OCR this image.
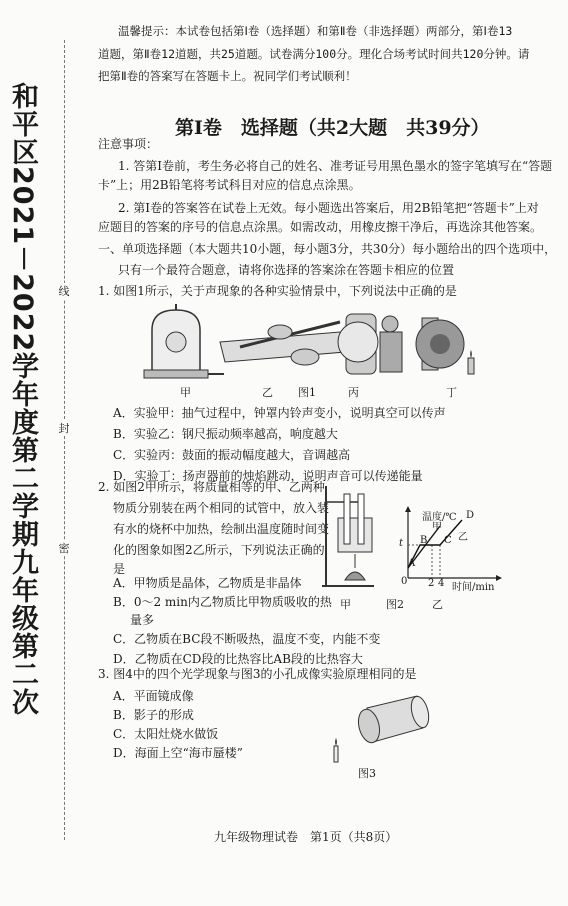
和平区2021－2022学年度第二学期九年级第二次
线
封
密
温馨提示：本试卷包括第Ⅰ卷（选择题）和第Ⅱ卷（非选择题）两部分，第Ⅰ卷13
道题，第Ⅱ卷12道题，共25道题。试卷满分100分。理化合场考试时间共120分钟。请
把第Ⅱ卷的答案写在答题卡上。祝同学们考试顺利！
第Ⅰ卷　选择题（共2大题　共39分）
注意事项：
1. 答第Ⅰ卷前，考生务必将自己的姓名、准考证号用黑色墨水的签字笔填写在“答题
卡”上；用2B铅笔将考试科目对应的信息点涂黑。
2. 第Ⅰ卷的答案答在试卷上无效。每小题选出答案后，用2B铅笔把“答题卡”上对
应题目的答案的序号的信息点涂黑。如需改动，用橡皮擦干净后，再选涂其他答案。
一、单项选择题（本大题共10小题，每小题3分，共30分）每小题给出的四个选项中，
只有一个最符合题意，请将你选择的答案涂在答题卡相应的位置
1. 如图1所示，关于声现象的各种实验情景中，下列说法中正确的是
甲	乙 图1	丙	丁
A．实验甲：抽气过程中，钟罩内铃声变小，说明真空可以传声
B．实验乙：钢尺振动频率越高，响度越大
C．实验丙：鼓面的振动幅度越大，音调越高
D．实验丁：扬声器前的烛焰跳动，说明声音可以传递能量
2. 如图2甲所示，将质量相等的甲、乙两种
物质分别装在两个相同的试管中，放入装
有水的烧杯中加热，绘制出温度随时间变
化的图象如图2乙所示，下列说法正确的
是
A．甲物质是晶体，乙物质是非晶体
B．0～2 min内乙物质比甲物质吸收的热
量多
C．乙物质在BC段不断吸热，温度不变，内能不变
D．乙物质在CD段的比热容比AB段的比热容大
甲	图2	乙
温度/℃
时间/min
0 2 4
t
A
B C
D
甲
乙
3. 图4中的四个光学现象与图3的小孔成像实验原理相同的是
A．平面镜成像
B．影子的形成
C．太阳灶烧水做饭
D．海面上空“海市蜃楼”
图3
九年级物理试卷　第1页（共8页）
